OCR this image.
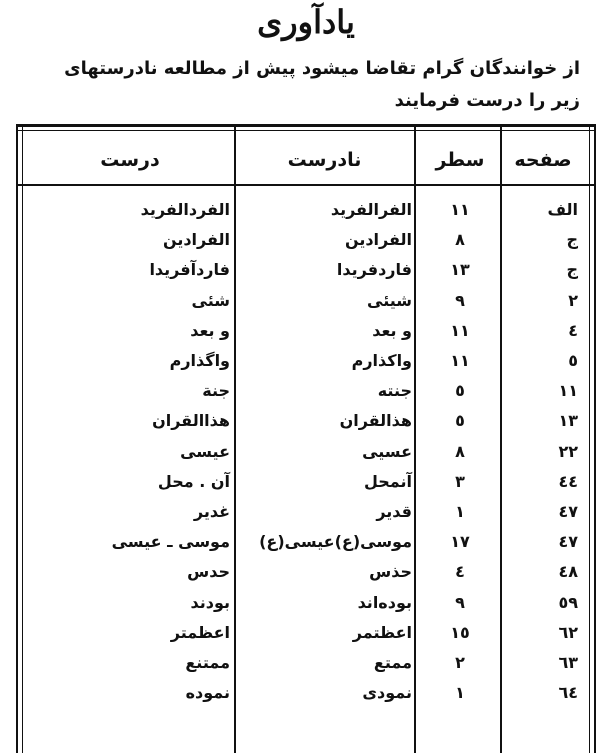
یادآوری
از خوانندگان گرام تقاضا میشود پیش از مطالعه نادرستهای
زیر را درست فرمایند
صفحه
سطر
نادرست
درست
الف
۱۱
الفرالفرید
الفردالفرید
ج
۸
الفرادین
الفرادین
ج
۱۳
فاردفریدا
فاردآفریدا
۲
۹
شیئی
شئی
٤
۱۱
و بعد
و بعد
٥
۱۱
واکذارم
واگذارم
۱۱
٥
جنته
جنة
۱۳
٥
هذالقران
هذاالقران
۲۲
۸
عسیی
عیسی
٤٤
۳
آنمحل
آن . محل
٤۷
۱
قدیر
غدیر
٤۷
۱۷
موسی(ع)عیسی(ع)
موسی ـ عیسی
٤۸
٤
حذس
حدس
٥۹
۹
بوده‌اند
بودند
٦۲
۱٥
اعظتمر
اعظمتر
٦۳
۲
ممتع
ممتنع
٦٤
۱
نمودی
نموده
